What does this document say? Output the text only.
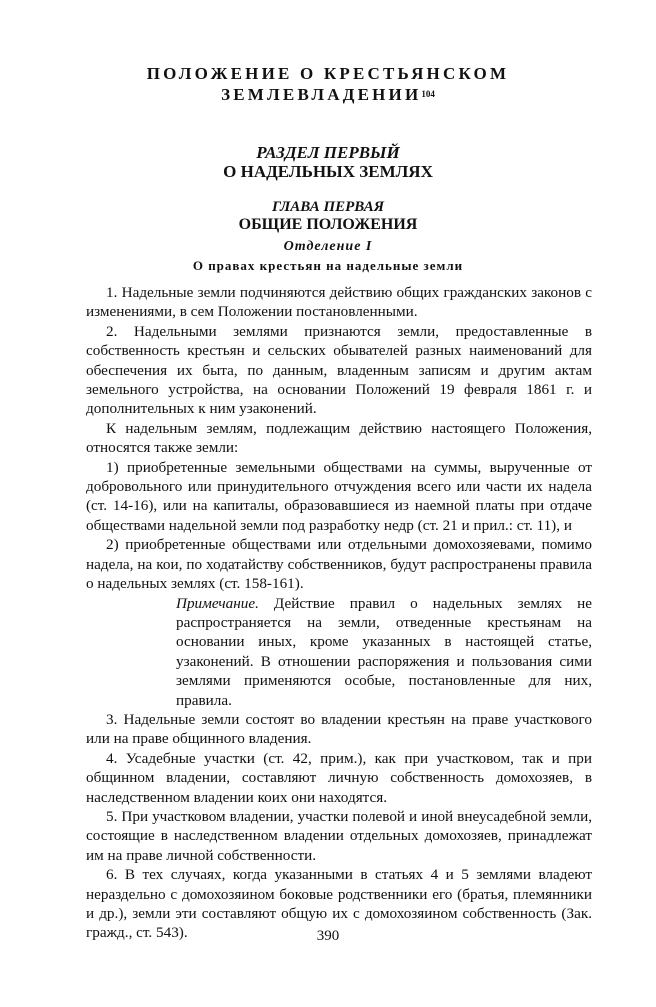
ПОЛОЖЕНИЕ О КРЕСТЬЯНСКОМ
ЗЕМЛЕВЛАДЕНИИ$^{104}$
РАЗДЕЛ ПЕРВЫЙ
О НАДЕЛЬНЫХ ЗЕМЛЯХ
ГЛАВА ПЕРВАЯ
ОБЩИЕ ПОЛОЖЕНИЯ
Отделение I
О правах крестьян на надельные земли

1. Надельные земли подчиняются действию общих гражданских законов с изменениями, в сем Положении постановленными.

2. Надельными землями признаются земли, предоставленные в собственность крестьян и сельских обывателей разных наименований для обеспечения их быта, по данным, владенным записям и другим актам земельного устройства, на основании Положений 19 февраля 1861 г. и дополнительных к ним узаконений.

К надельным землям, подлежащим действию настоящего Положения, относятся также земли:

1) приобретенные земельными обществами на суммы, вырученные от добровольного или принудительного отчуждения всего или части их надела (ст. 14-16), или на капиталы, образовавшиеся из наемной платы при отдаче обществами надельной земли под разработку недр (ст. 21 и прил.: ст. 11), и

2) приобретенные обществами или отдельными домохозяевами, помимо надела, на кои, по ходатайству собственников, будут распространены правила о надельных землях (ст. 158-161).

Примечание. Действие правил о надельных землях не распространяется на земли, отведенные крестьянам на основании иных, кроме указанных в настоящей статье, узаконений. В отношении распоряжения и пользования сими землями применяются особые, постановленные для них, правила.

3. Надельные земли состоят во владении крестьян на праве участкового или на праве общинного владения.

4. Усадебные участки (ст. 42, прим.), как при участковом, так и при общинном владении, составляют личную собственность домохозяев, в наследственном владении коих они находятся.

5. При участковом владении, участки полевой и иной внеусадебной земли, состоящие в наследственном владении отдельных домохозяев, принадлежат им на праве личной собственности.

6. В тех случаях, когда указанными в статьях 4 и 5 землями владеют нераздельно с домохозяином боковые родственники его (братья, племянники и др.), земли эти составляют общую их с домохозяином собственность (Зак. гражд., ст. 543).	390
